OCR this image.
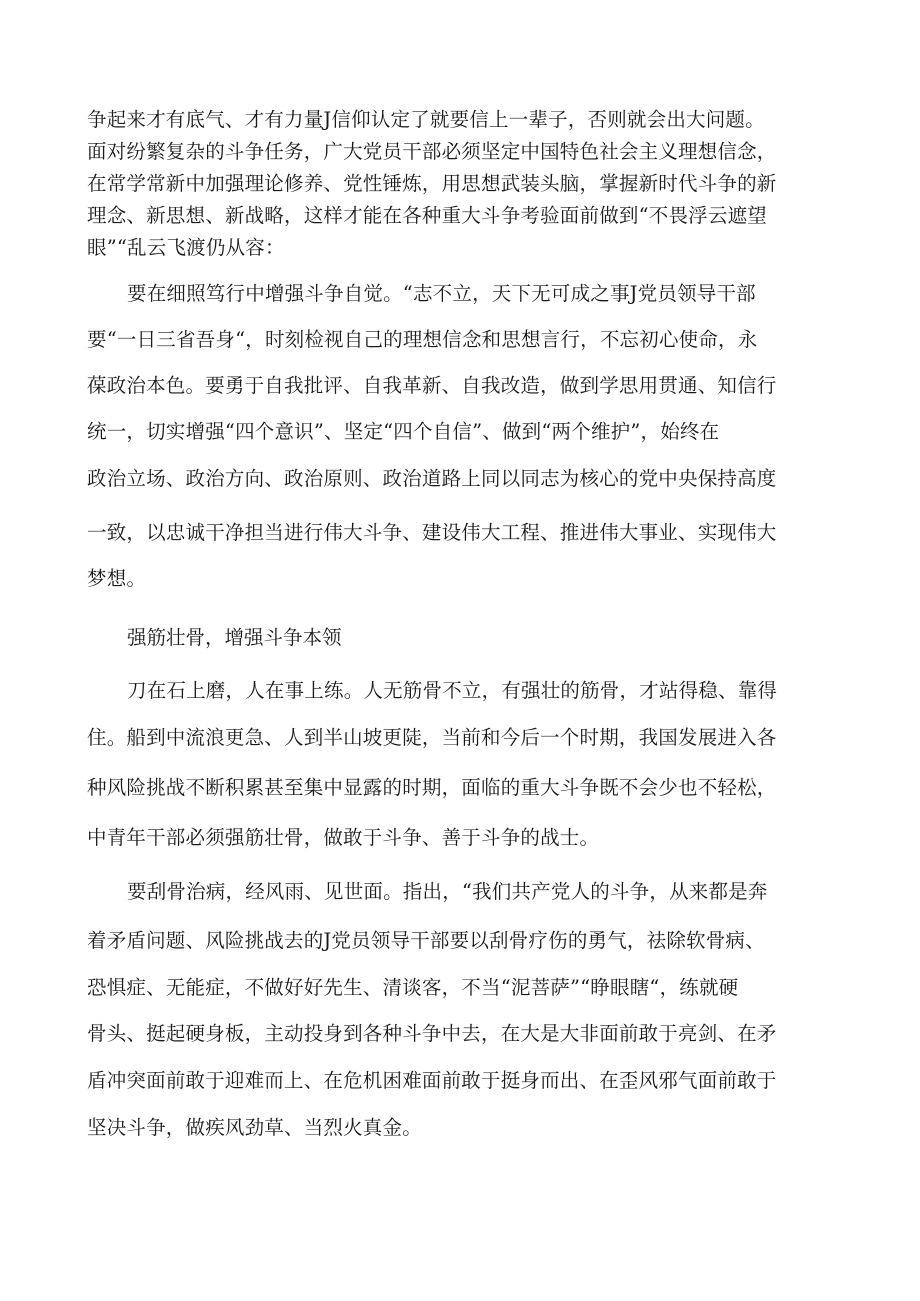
争起来才有底气、才有力量J信仰认定了就要信上一辈子，否则就会出大问题。

面对纷繁复杂的斗争任务，广大党员干部必须坚定中国特色社会主义理想信念，

在常学常新中加强理论修养、党性锤炼，用思想武装头脑，掌握新时代斗争的新

理念、新思想、新战略，这样才能在各种重大斗争考验面前做到“不畏浮云遮望

眼”“乱云飞渡仍从容：

要在细照笃行中增强斗争自觉。“志不立，天下无可成之事J党员领导干部

要“一日三省吾身“，时刻检视自己的理想信念和思想言行，不忘初心使命，永

葆政治本色。要勇于自我批评、自我革新、自我改造，做到学思用贯通、知信行

统一，切实增强“四个意识”、坚定“四个自信”、做到“两个维护”，始终在

政治立场、政治方向、政治原则、政治道路上同以同志为核心的党中央保持高度

一致，以忠诚干净担当进行伟大斗争、建设伟大工程、推进伟大事业、实现伟大

梦想。

强筋壮骨，增强斗争本领

刀在石上磨，人在事上练。人无筋骨不立，有强壮的筋骨，才站得稳、靠得

住。船到中流浪更急、人到半山坡更陡，当前和今后一个时期，我国发展进入各

种风险挑战不断积累甚至集中显露的时期，面临的重大斗争既不会少也不轻松，

中青年干部必须强筋壮骨，做敢于斗争、善于斗争的战士。

要刮骨治病，经风雨、见世面。指出，“我们共产党人的斗争，从来都是奔

着矛盾问题、风险挑战去的J党员领导干部要以刮骨疗伤的勇气，祛除软骨病、

恐惧症、无能症，不做好好先生、清谈客，不当“泥菩萨”“睁眼瞎“，练就硬

骨头、挺起硬身板，主动投身到各种斗争中去，在大是大非面前敢于亮剑、在矛

盾冲突面前敢于迎难而上、在危机困难面前敢于挺身而出、在歪风邪气面前敢于

坚决斗争，做疾风劲草、当烈火真金。
